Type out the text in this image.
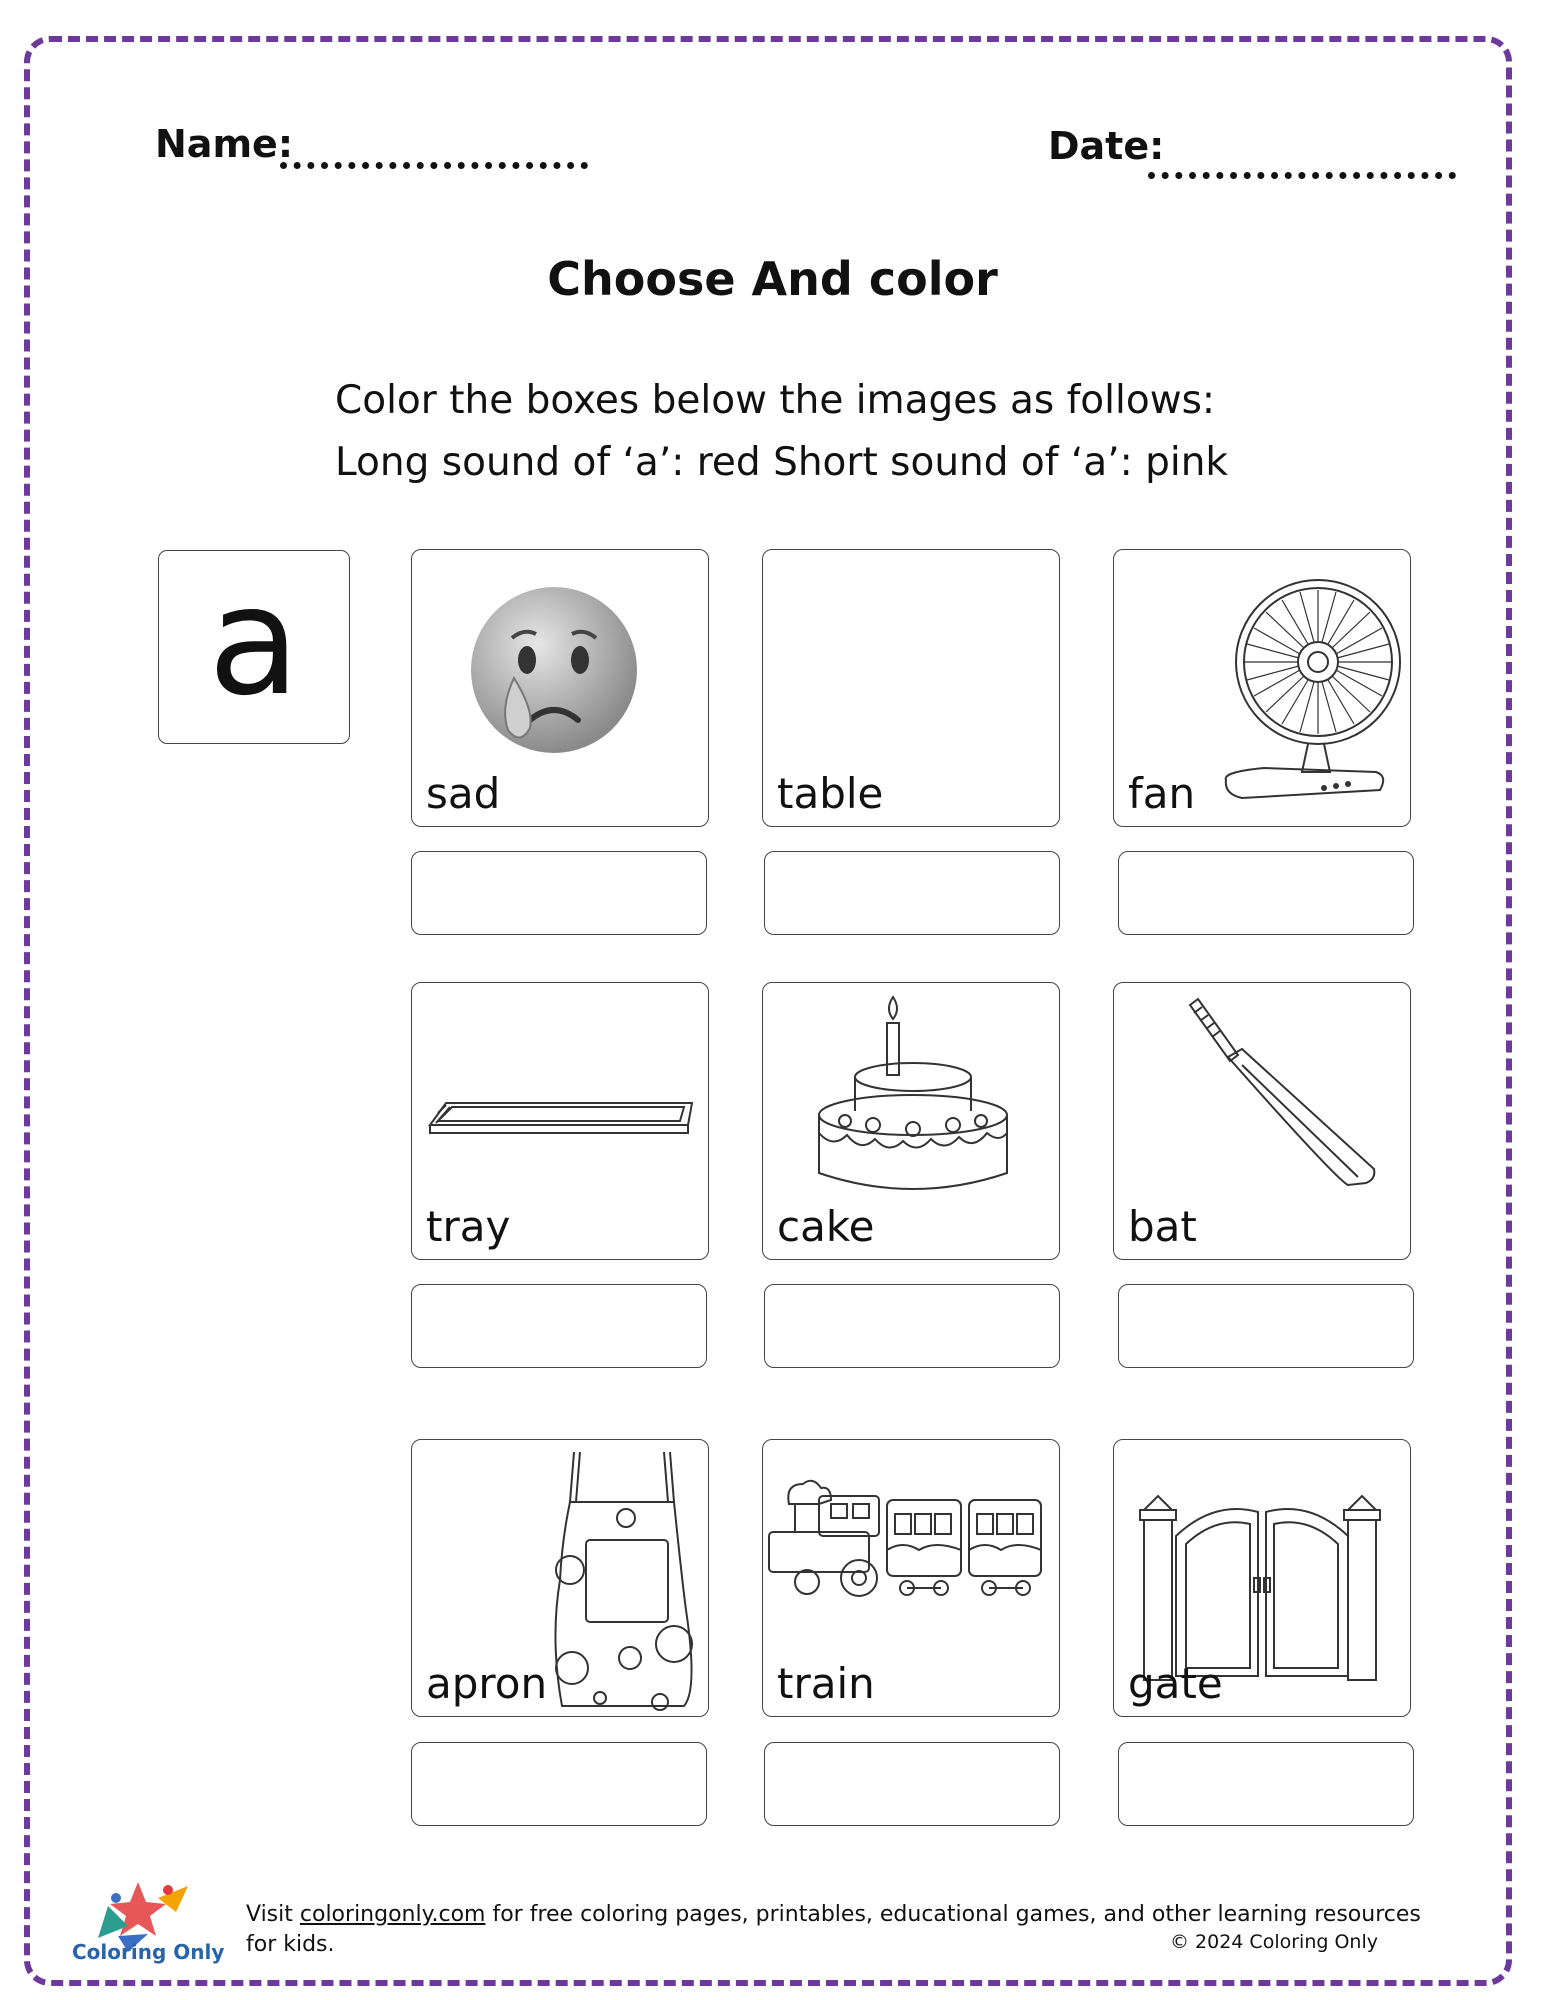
Name:	Date:
Choose And color
Color the boxes below the images as follows:
Long sound of ‘a’: red Short sound of ‘a’: pink
a
sad	table	fan
tray	cake	bat
apron	train	gate
Coloring Only
Visit coloringonly.com for free coloring pages, printables, educational games, and other learning resources for kids.	© 2024 Coloring Only
